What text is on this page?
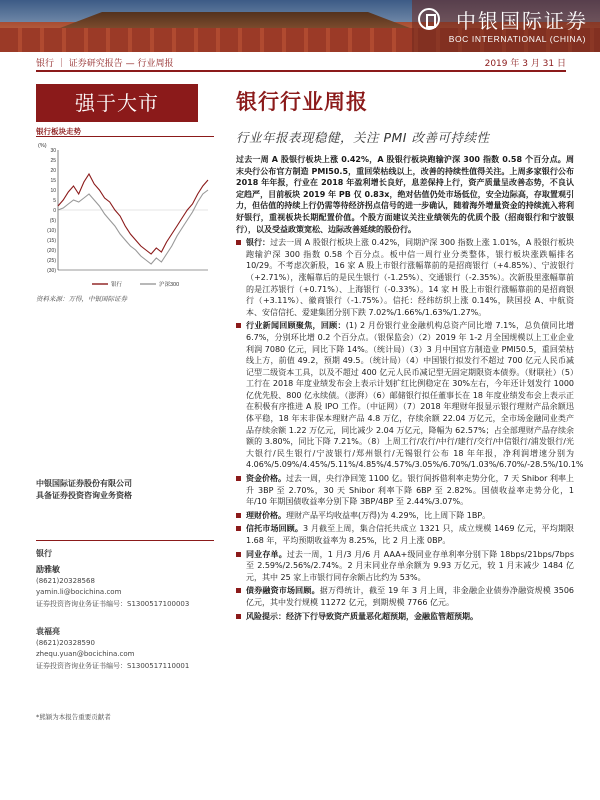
中银国际证券
BOC INTERNATIONAL (CHINA)
银行 ｜ 证券研究报告 — 行业周报	2019 年 3 月 31 日
强于大市	银行行业周报
行业年报表现稳健，关注 PMI 改善可持续性
银行板块走势
(%)
30
25
20
15
10
5
0
(5)
(10)
(15)
(20)
(25)
(30)
银行	沪深300
资料来源：万得，中银国际证券
中银国际证券股份有限公司
具备证券投资咨询业务资格
银行
励雅敏
(8621)20328568
yamin.li@bocichina.com
证券投资咨询业务证书编号：S1300517100003
袁福亮
(8621)20328590
zhequ.yuan@bocichina.com
证券投资咨询业务证书编号：S1300517110001
*熊颖为本报告重要贡献者
过去一周 A 股银行板块上涨 0.42%，A 股银行板块跑输沪深 300 指数 0.58 个百分点。周末央行公布官方制造 PMI50.5，重回荣枯线以上，改善的持续性值得关注。上周多家银行公布 2018 年年报，行业在 2018 年盈利增长良好，息差保持上行，资产质量呈改善态势，不良认定趋严，目前板块 2019 年 PB 仅 0.83x，绝对估值仍处市场低位，安全边际高，存取置观引力，但估值的持续上行仍需等待经济拐点信号的进一步确认，随着海外增量资金的持续流入将利好银行，重视板块长期配置价值。个股方面建议关注业绩领先的优质个股（招商银行和宁波银行），以及受益政策宽松、边际改善延续的股份行。
银行：过去一周 A 股银行板块上涨 0.42%，同期沪深 300 指数上涨 1.01%，A 股银行板块跑输沪深 300 指数 0.58 个百分点。板中信一周行业分类整体，银行板块涨跌幅排名 10/29。不考虑次新股，16 家 A 股上市银行涨幅靠前的是招商银行（+4.85%）、宁波银行（+2.71%），涨幅靠后的是民生银行（-1.25%）、交通银行（-2.35%）。次新股里涨幅靠前的是江苏银行（+0.71%）、上海银行（-0.33%）。14 家 H 股上市银行涨幅靠前的是招商银行（+3.11%）、徽商银行（-1.75%）。信托：经纬纺织上涨 0.14%，陕国投 A、中航资本、安信信托、爱建集团分别下跌 7.02%/1.66%/1.63%/1.27%。
行业新闻回顾聚焦，回顾：(1) 2 月份银行业金融机构总资产同比增 7.1%，总负债同比增 6.7%，分别环比增 0.2 个百分点。（银保监会）（2）2019 年 1-2 月全国规模以上工业企业利润 7080 亿元，同比下降 14%。（统计局）（3）3 月中国官方制造业 PMI50.5，重回荣枯线上方，前值 49.2，预期 49.5。（统计局）（4）中国银行拟发行不超过 700 亿元人民币减记型二级资本工具，以及不超过 400 亿元人民币减记型无固定期限资本债券。（财联社）（5）工行在 2018 年度业绩发布会上表示计划扩红比例稳定在 30%左右，今年还计划发行 1000 亿优先股、800 亿永续债。（澎湃）（6）邮储银行拟任董事长在 18 年度业绩发布会上表示正在积极有序推进 A 股 IPO 工作。（中证网）（7）2018 年理财年报显示银行理财产品余额迅体平稳，18 年末非保本理财产品 4.8 万亿，存续余额 22.04 万亿元，全市场金融同业类产品存续余额 1.22 万亿元，同比减少 2.04 万亿元，降幅为 62.57%；占全部理财产品存续余额的 3.80%，同比下降 7.21%。（8）上周工行/农行/中行/建行/交行/中信银行/浦发银行/光大银行/民生银行/宁波银行/郑州银行/无锡银行公布 18 年年报，净利润增速分别为 4.06%/5.09%/4.45%/5.11%/4.85%/4.57%/3.05%/6.70%/1.03%/6.70%/-28.5%/10.1%
资金价格。过去一周，央行净回笼 1100 亿。银行间拆借利率走势分化，7 天 Shibor 利率上升 3BP 至 2.70%，30 天 Shibor 利率下降 6BP 至 2.82%。国债收益率走势分化，1 年/10 年期国债收益率分别下降 3BP/4BP 至 2.44%/3.07%。
理财价格。理财产品平均收益率(万得)为 4.29%，比上周下降 1BP。
信托市场回顾。3 月截至上周，集合信托共成立 1321 只，成立规模 1469 亿元，平均期限 1.68 年，平均预期收益率为 8.25%，比 2 月上涨 0BP。
同业存单。过去一周，1 月/3 月/6 月 AAA+级同业存单利率分别下降 18bps/21bps/7bps 至 2.59%/2.56%/2.74%。2 月末同业存单余额为 9.93 万亿元，较 1 月末减少 1484 亿元，其中 25 家上市银行同存余额占比约为 53%。
债券融资市场回顾。据万得统计，截至 19 年 3 月上周，非金融企业债券净融资规模 3506 亿元，其中发行规模 11272 亿元，到期规模 7766 亿元。
风险提示：经济下行导致资产质量恶化超预期，金融监管超预期。
